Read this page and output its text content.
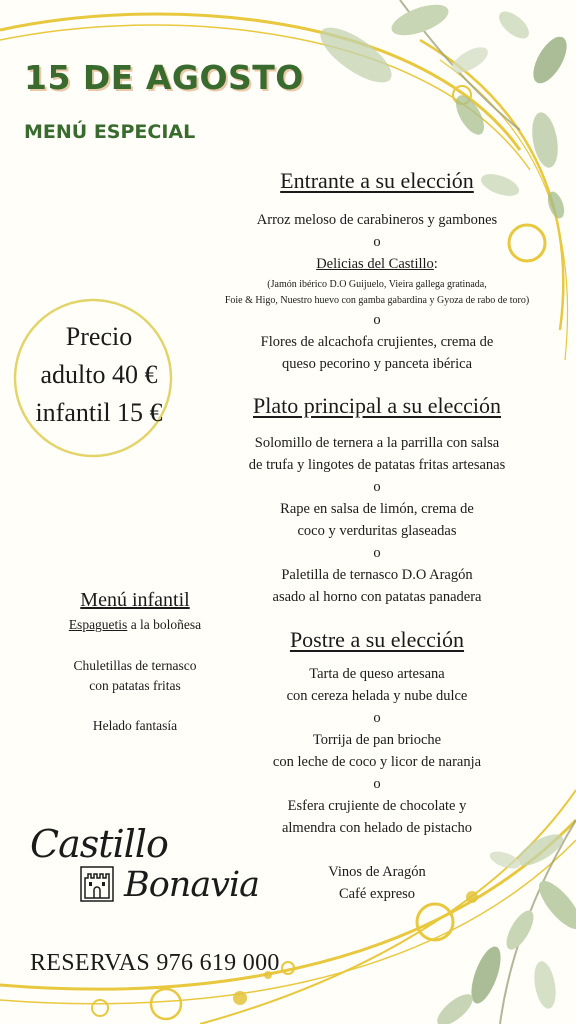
15 DE AGOSTO
MENÚ ESPECIAL
Entrante a su elección
Arroz meloso de carabineros y gambones
o
Delicias del Castillo:
(Jamón ibérico D.O Guijuelo, Vieira gallega gratinada,
Foie & Higo, Nuestro huevo con gamba gabardina y Gyoza de rabo de toro)
o
Flores de alcachofa crujientes, crema de
queso pecorino y panceta ibérica
Precio
adulto 40 €
infantil 15 €	Plato principal a su elección
Solomillo de ternera a la parrilla con salsa
de trufa y lingotes de patatas fritas artesanas
o
Rape en salsa de limón, crema de
coco y verduritas glaseadas
o
Paletilla de ternasco D.O Aragón
asado al horno con patatas panadera
Menú infantil
Espaguetis a la boloñesa
Chuletillas de ternasco
con patatas fritas
Helado fantasía
Postre a su elección
Tarta de queso artesana
con cereza helada y nube dulce
o
Torrija de pan brioche
con leche de coco y licor de naranja
o
Esfera crujiente de chocolate y
almendra con helado de pistacho
Vinos de Aragón
Café expreso
Castillo
Bonavia
RESERVAS 976 619 000
